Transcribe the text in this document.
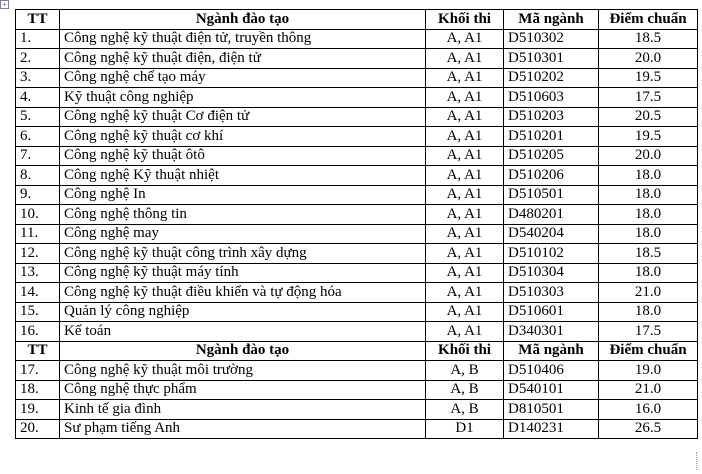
+
TT	Ngành đào tạo	Khối thi	Mã ngành	Điểm chuẩn
1.	Công nghệ kỹ thuật điện tử, truyền thông	A, A1	D510302	18.5
2.	Công nghệ kỹ thuật điện, điện tử	A, A1	D510301	20.0
3.	Công nghệ chế tạo máy	A, A1	D510202	19.5
4.	Kỹ thuật công nghiệp	A, A1	D510603	17.5
5.	Công nghệ kỹ thuật Cơ điện tử	A, A1	D510203	20.5
6.	Công nghệ kỹ thuật cơ khí	A, A1	D510201	19.5
7.	Công nghệ kỹ thuật ôtô	A, A1	D510205	20.0
8.	Công nghệ Kỹ thuật nhiệt	A, A1	D510206	18.0
9.	Công nghệ In	A, A1	D510501	18.0
10.	Công nghệ thông tin	A, A1	D480201	18.0
11.	Công nghệ may	A, A1	D540204	18.0
12.	Công nghệ kỹ thuật công trình xây dựng	A, A1	D510102	18.5
13.	Công nghệ kỹ thuật máy tính	A, A1	D510304	18.0
14.	Công nghệ kỹ thuật điều khiển và tự động hóa	A, A1	D510303	21.0
15.	Quản lý công nghiệp	A, A1	D510601	18.0
16.	Kế toán	A, A1	D340301	17.5
TT	Ngành đào tạo	Khối thi	Mã ngành	Điểm chuẩn
17.	Công nghệ kỹ thuật môi trường	A, B	D510406	19.0
18.	Công nghệ thực phẩm	A, B	D540101	21.0
19.	Kinh tế gia đình	A, B	D810501	16.0
20.	Sư phạm tiếng Anh	D1	D140231	26.5
